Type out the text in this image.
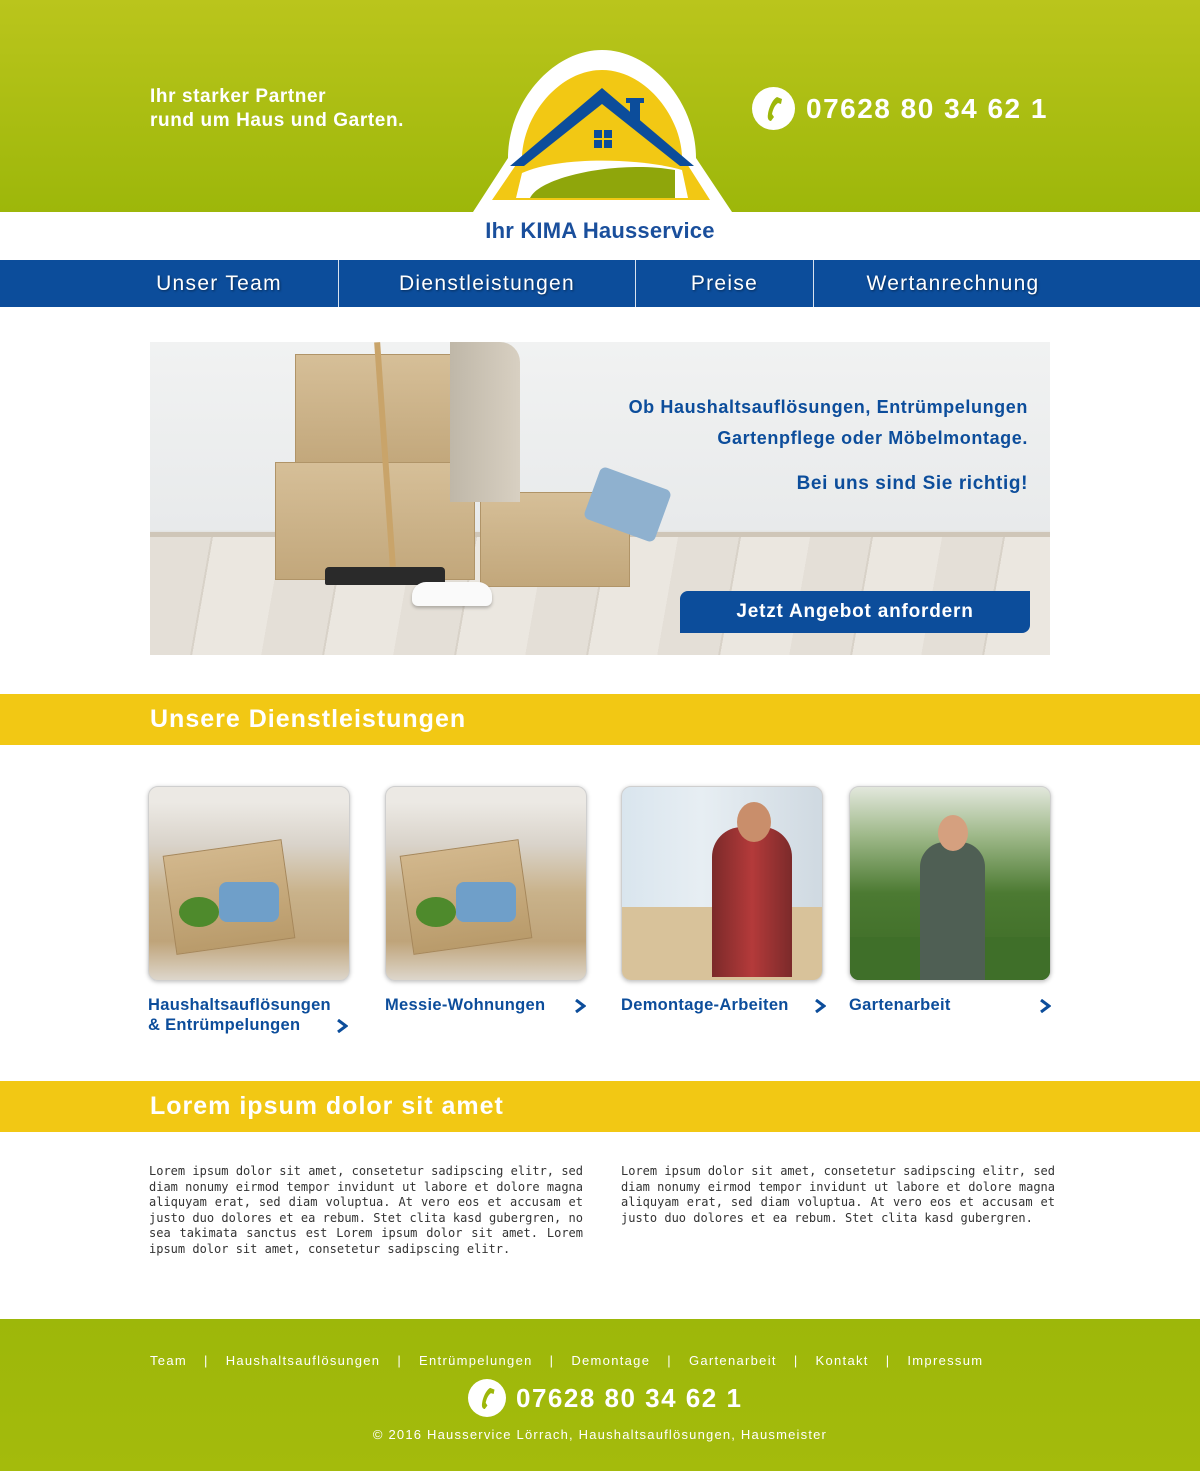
Ihr starker Partner
rund um Haus und Garten.	07628 80 34 62 1
Ihr KIMA Hausservice
Unser Team	Dienstleistungen	Preise	Wertanrechnung
Ob Haushaltsauflösungen, Entrümpelungen
Gartenpflege oder Möbelmontage.
Bei uns sind Sie richtig!
Jetzt Angebot anfordern
Unsere Dienstleistungen
Haushaltsauflösungen
& Entrümpelungen
Messie-Wohnungen	Demontage-Arbeiten	Gartenarbeit
Lorem ipsum dolor sit amet
Lorem ipsum dolor sit amet, consetetur sadipscing elitr, sed diam nonumy eirmod tempor invidunt ut labore et dolore magna aliquyam erat, sed diam voluptua. At vero eos et accusam et justo duo dolores et ea rebum. Stet clita kasd gubergren, no sea takimata sanctus est Lorem ipsum dolor sit amet. Lorem ipsum dolor sit amet, consetetur sadipscing elitr.
Lorem ipsum dolor sit amet, consetetur sadipscing elitr, sed diam nonumy eirmod tempor invidunt ut labore et dolore magna aliquyam erat, sed diam voluptua. At vero eos et accusam et justo duo dolores et ea rebum. Stet clita kasd gubergren.
Team | Haushaltsauflösungen | Entrümpelungen | Demontage | Gartenarbeit | Kontakt | Impressum
07628 80 34 62 1
© 2016 Hausservice Lörrach, Haushaltsauflösungen, Hausmeister
